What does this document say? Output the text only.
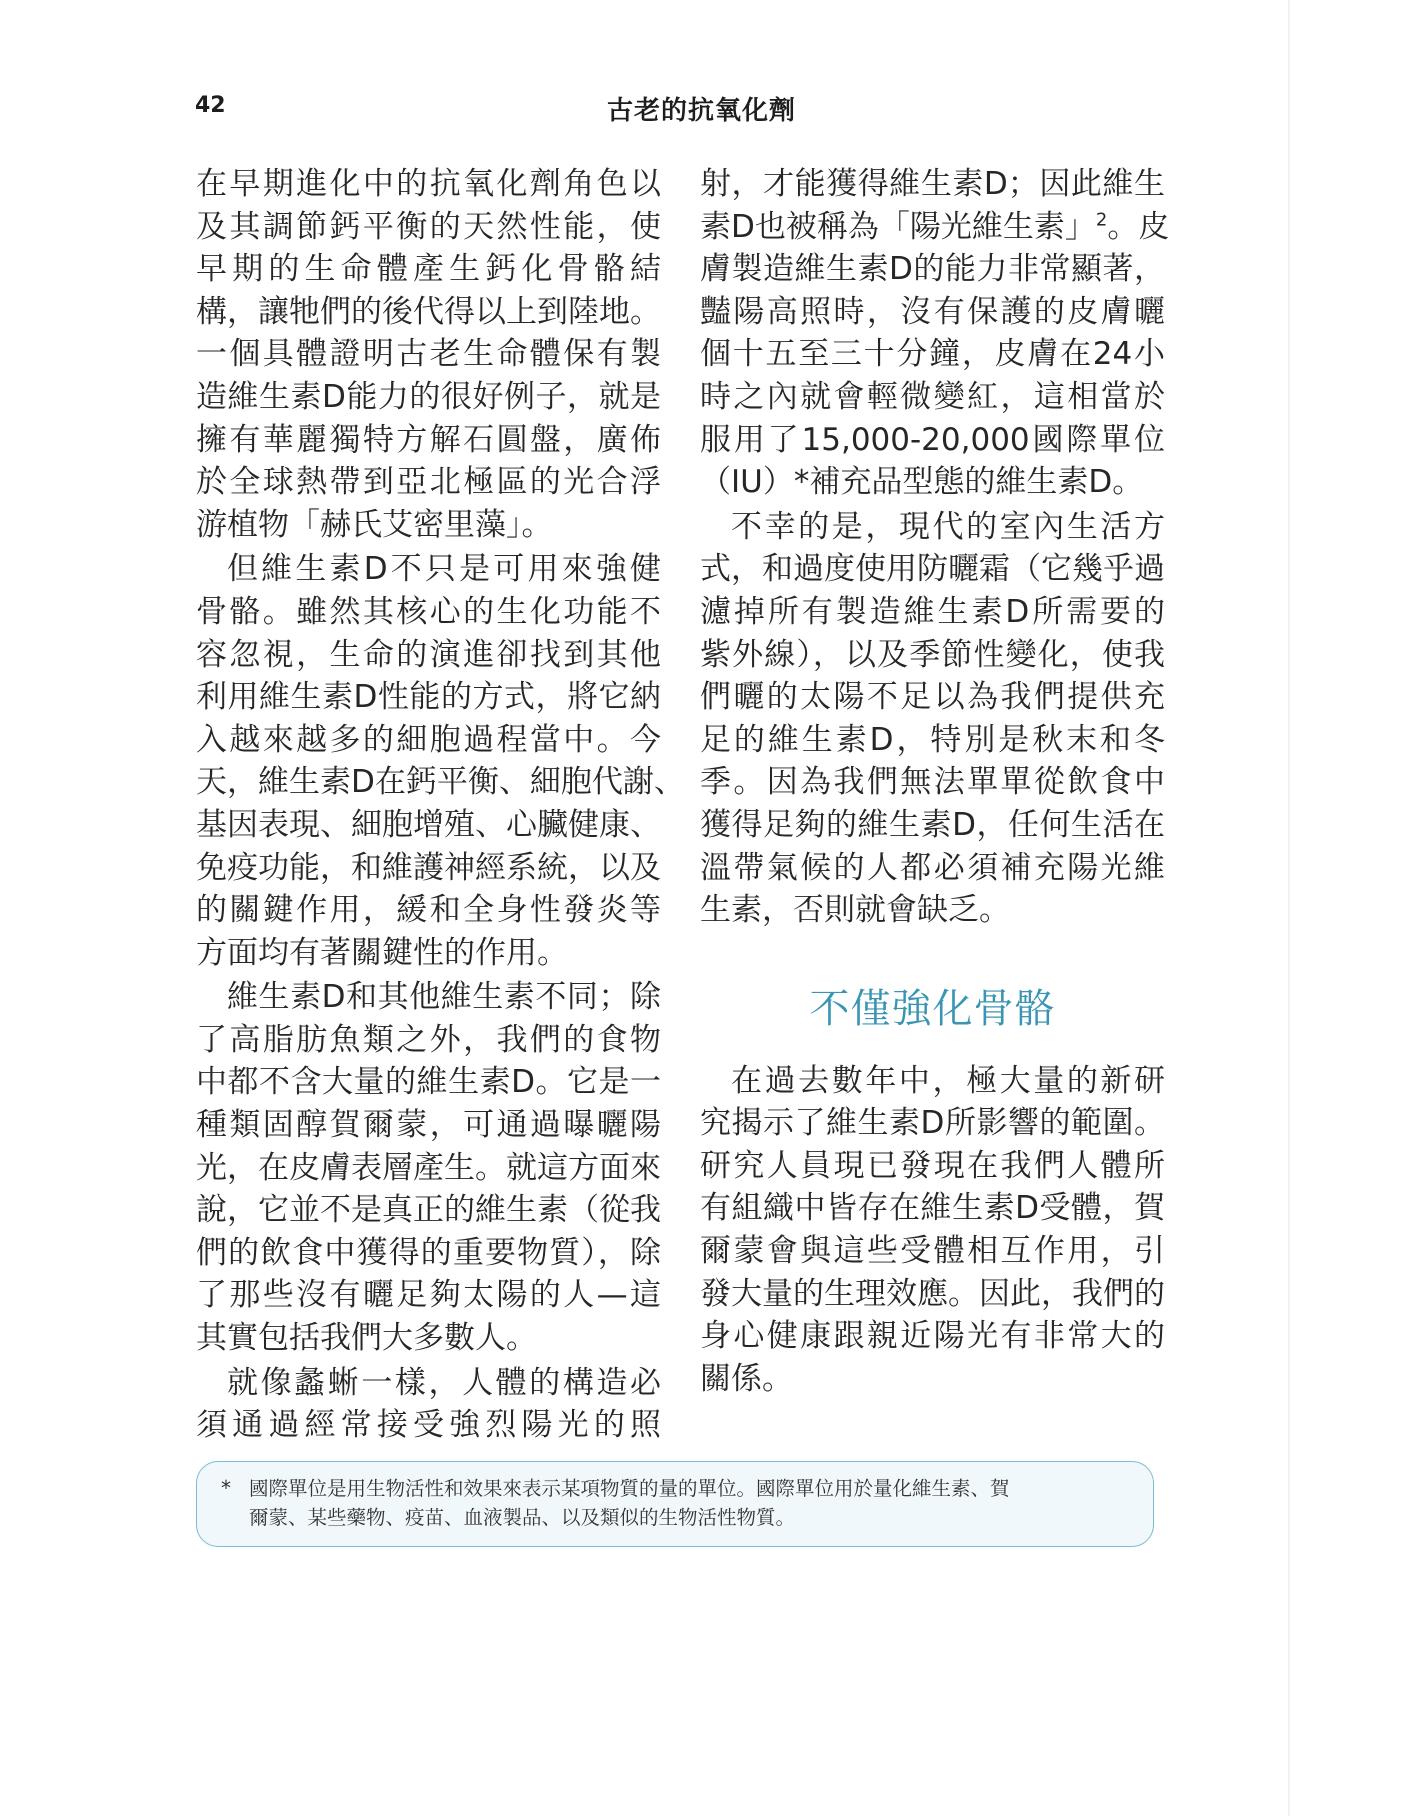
42	古老的抗氧化劑

在早期進化中的抗氧化劑角色以
及其調節鈣平衡的天然性能，使
早期的生命體產生鈣化骨骼結
構，讓牠們的後代得以上到陸地。
一個具體證明古老生命體保有製
造維生素D能力的很好例子，就是
擁有華麗獨特方解石圓盤，廣佈
於全球熱帶到亞北極區的光合浮
游植物「赫氏艾密里藻」。

但維生素D不只是可用來強健
骨骼。雖然其核心的生化功能不
容忽視，生命的演進卻找到其他
利用維生素D性能的方式，將它納
入越來越多的細胞過程當中。今
天，維生素D在鈣平衡、細胞代謝、
基因表現、細胞增殖、心臟健康、
免疫功能，和維護神經系統，以及
的關鍵作用，緩和全身性發炎等
方面均有著關鍵性的作用。

維生素D和其他維生素不同；除
了高脂肪魚類之外，我們的食物
中都不含大量的維生素D。它是一
種類固醇賀爾蒙，可通過曝曬陽
光，在皮膚表層產生。就這方面來
說，它並不是真正的維生素（從我
們的飲食中獲得的重要物質），除
了那些沒有曬足夠太陽的人—這
其實包括我們大多數人。

就像蠡蜥一樣，人體的構造必
須通過經常接受強烈陽光的照

射，才能獲得維生素D；因此維生
素D也被稱為「陽光維生素」$^2$。皮
膚製造維生素D的能力非常顯著，
豔陽高照時，沒有保護的皮膚曬
個十五至三十分鐘，皮膚在24小
時之內就會輕微變紅，這相當於
服用了15,000-20,000國際單位
（IU）*補充品型態的維生素D。

不幸的是，現代的室內生活方
式，和過度使用防曬霜（它幾乎過
濾掉所有製造維生素D所需要的
紫外線），以及季節性變化，使我
們曬的太陽不足以為我們提供充
足的維生素D，特別是秋末和冬
季。因為我們無法單單從飲食中
獲得足夠的維生素D，任何生活在
溫帶氣候的人都必須補充陽光維
生素，否則就會缺乏。

不僅強化骨骼

在過去數年中，極大量的新研
究揭示了維生素D所影響的範圍。
研究人員現已發現在我們人體所
有組織中皆存在維生素D受體，賀
爾蒙會與這些受體相互作用，引
發大量的生理效應。因此，我們的
身心健康跟親近陽光有非常大的
關係。

* 國際單位是用生物活性和效果來表示某項物質的量的單位。國際單位用於量化維生素、賀
爾蒙、某些藥物、疫苗、血液製品、以及類似的生物活性物質。
